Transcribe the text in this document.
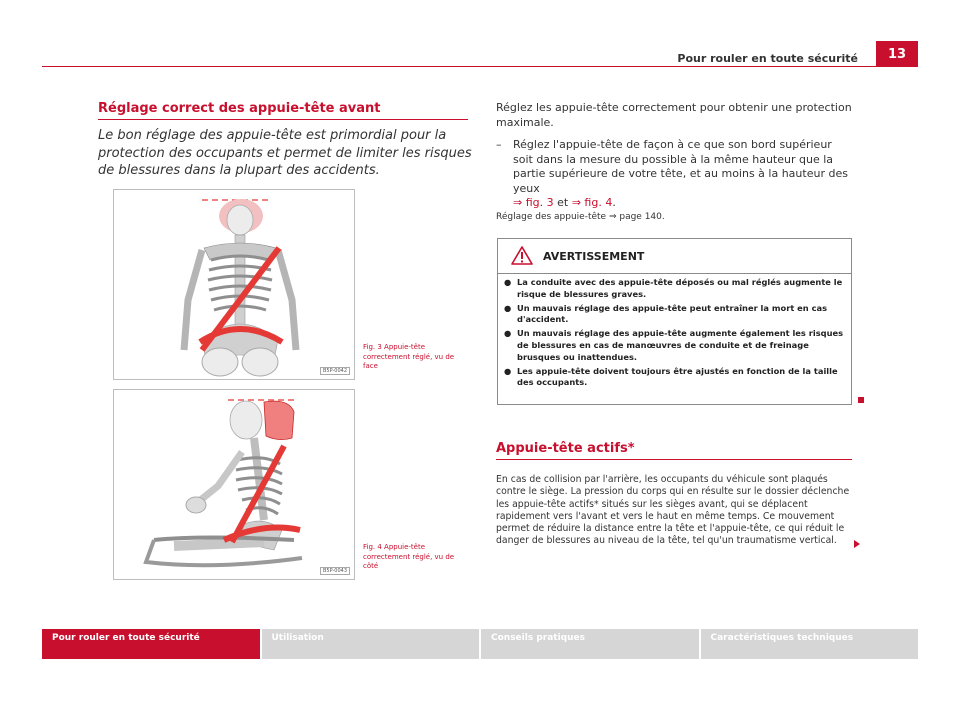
Pour rouler en toute sécurité	13
Réglage correct des appuie-tête avant
Le bon réglage des appuie-tête est primordial pour la protection des occupants et permet de limiter les risques de blessures dans la plupart des accidents.
B5P-0042
Fig. 3 Appuie-tête correctement réglé, vu de face
B5P-0043
Fig. 4 Appuie-tête correctement réglé, vu de côté
Réglez les appuie-tête correctement pour obtenir une protection maximale.
– Réglez l'appuie-tête de façon à ce que son bord supérieur soit dans la mesure du possible à la même hauteur que la partie supérieure de votre tête, et au moins à la hauteur des yeux
⇒ fig. 3 et ⇒ fig. 4.
Réglage des appuie-tête ⇒ page 140.
AVERTISSEMENT
● La conduite avec des appuie-tête déposés ou mal réglés augmente le risque de blessures graves.
● Un mauvais réglage des appuie-tête peut entraîner la mort en cas d'accident.
● Un mauvais réglage des appuie-tête augmente également les risques de blessures en cas de manœuvres de conduite et de freinage brusques ou inattendues.
● Les appuie-tête doivent toujours être ajustés en fonction de la taille des occupants.
Appuie-tête actifs*
En cas de collision par l'arrière, les occupants du véhicule sont plaqués contre le siège. La pression du corps qui en résulte sur le dossier déclenche les appuie-tête actifs* situés sur les sièges avant, qui se déplacent rapidement vers l'avant et vers le haut en même temps. Ce mouvement permet de réduire la distance entre la tête et l'appuie-tête, ce qui réduit le danger de blessures au niveau de la tête, tel qu'un traumatisme vertical.
Pour rouler en toute sécurité	Utilisation	Conseils pratiques	Caractéristiques techniques
